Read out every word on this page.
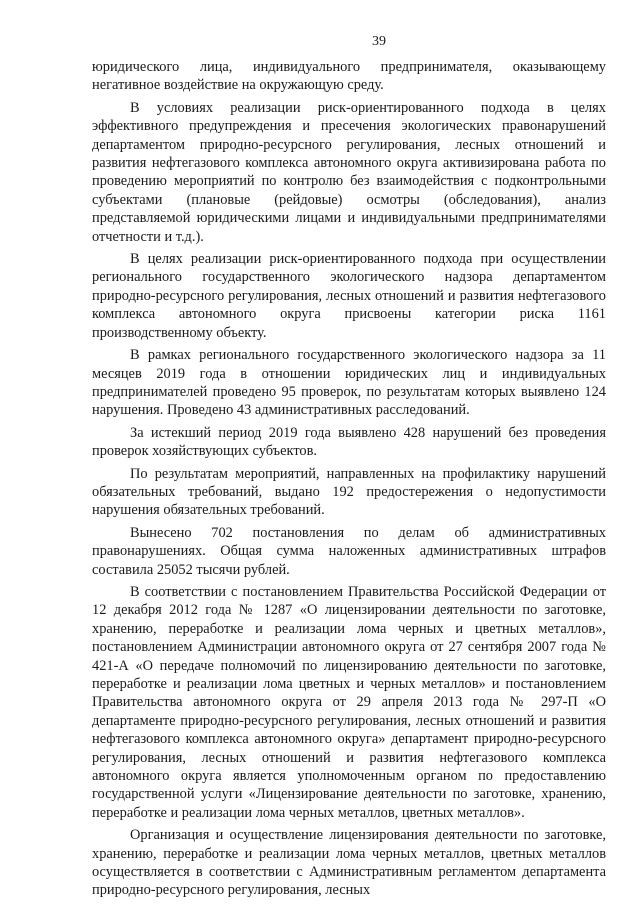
39

юридического лица, индивидуального предпринимателя, оказывающему негативное воздействие на окружающую среду.

В условиях реализации риск-ориентированного подхода в целях эффективного предупреждения и пресечения экологических правонарушений департаментом природно-ресурсного регулирования, лесных отношений и развития нефтегазового комплекса автономного округа активизирована работа по проведению мероприятий по контролю без взаимодействия с подконтрольными субъектами (плановые (рейдовые) осмотры (обследования), анализ представляемой юридическими лицами и индивидуальными предпринимателями отчетности и т.д.).

В целях реализации риск-ориентированного подхода при осуществлении регионального государственного экологического надзора департаментом природно-ресурсного регулирования, лесных отношений и развития нефтегазового комплекса автономного округа присвоены категории риска 1161 производственному объекту.

В рамках регионального государственного экологического надзора за 11 месяцев 2019 года в отношении юридических лиц и индивидуальных предпринимателей проведено 95 проверок, по результатам которых выявлено 124 нарушения. Проведено 43 административных расследований.

За истекший период 2019 года выявлено 428 нарушений без проведения проверок хозяйствующих субъектов.

По результатам мероприятий, направленных на профилактику нарушений обязательных требований, выдано 192 предостережения о недопустимости нарушения обязательных требований.

Вынесено 702 постановления по делам об административных правонарушениях. Общая сумма наложенных административных штрафов составила 25052 тысячи рублей.

В соответствии с постановлением Правительства Российской Федерации от 12 декабря 2012 года № 1287 «О лицензировании деятельности по заготовке, хранению, переработке и реализации лома черных и цветных металлов», постановлением Администрации автономного округа от 27 сентября 2007 года № 421-А «О передаче полномочий по лицензированию деятельности по заготовке, переработке и реализации лома цветных и черных металлов» и постановлением Правительства автономного округа от 29 апреля 2013 года № 297-П «О департаменте природно-ресурсного регулирования, лесных отношений и развития нефтегазового комплекса автономного округа» департамент природно-ресурсного регулирования, лесных отношений и развития нефтегазового комплекса автономного округа является уполномоченным органом по предоставлению государственной услуги «Лицензирование деятельности по заготовке, хранению, переработке и реализации лома черных металлов, цветных металлов».

Организация и осуществление лицензирования деятельности по заготовке, хранению, переработке и реализации лома черных металлов, цветных металлов осуществляется в соответствии с Административным регламентом департамента природно-ресурсного регулирования, лесных
